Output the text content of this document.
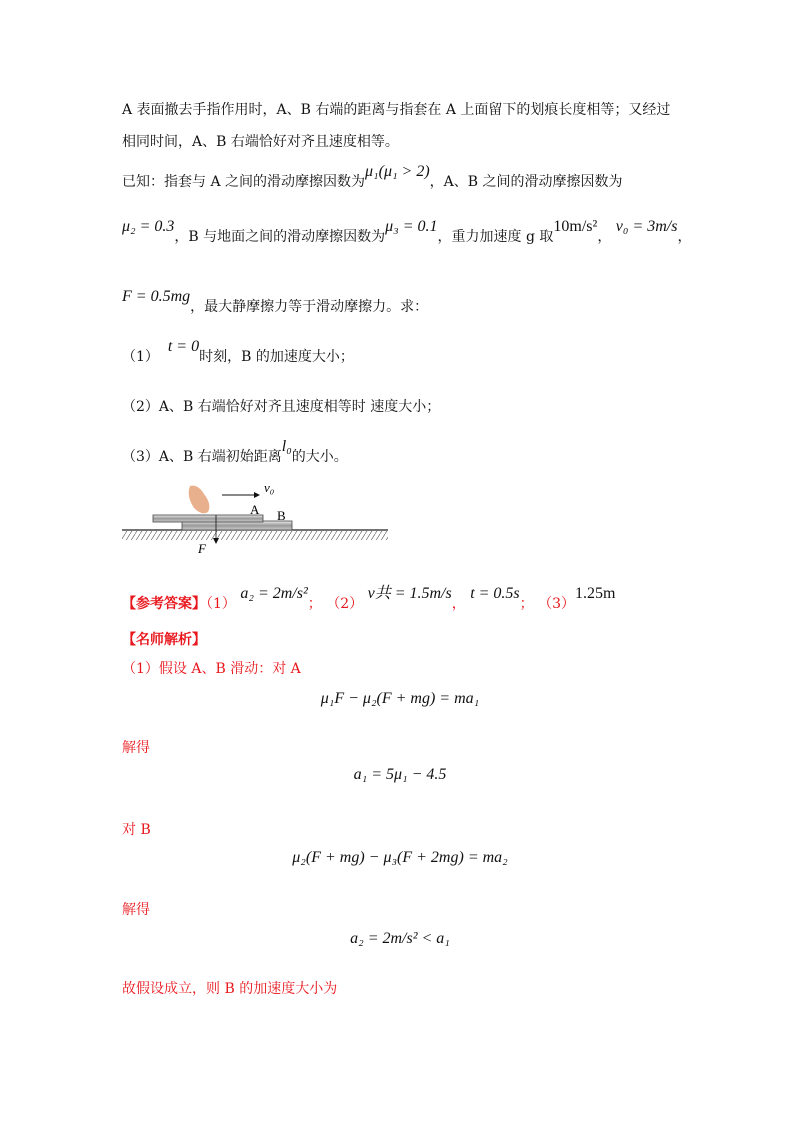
A 表面撤去手指作用时，A、B 右端的距离与指套在 A 上面留下的划痕长度相等；又经过
相同时间，A、B 右端恰好对齐且速度相等。
已知：指套与 A 之间的滑动摩擦因数为μ₁(μ₁ > 2)，A、B 之间的滑动摩擦因数为
μ₂ = 0.3，B 与地面之间的滑动摩擦因数为μ₃ = 0.1，重力加速度 g 取10m/s²， v₀ = 3m/s，
F = 0.5mg，最大静摩擦力等于滑动摩擦力。求：
（1）  t = 0时刻，B 的加速度大小；
（2）A、B 右端恰好对齐且速度相等时 速度大小；
（3）A、B 右端初始距离l₀的大小。
v₀
A B
F
【参考答案】（1） a₂ = 2m/s²； （2） v共 = 1.5m/s， t = 0.5s； （3）1.25m
【名师解析】
（1）假设 A、B 滑动：对 A
μ₁F − μ₂(F + mg) = ma₁
解得
a₁ = 5μ₁ − 4.5
对 B
μ₂(F + mg) − μ₃(F + 2mg) = ma₂
解得
a₂ = 2m/s² < a₁
故假设成立，则 B 的加速度大小为
